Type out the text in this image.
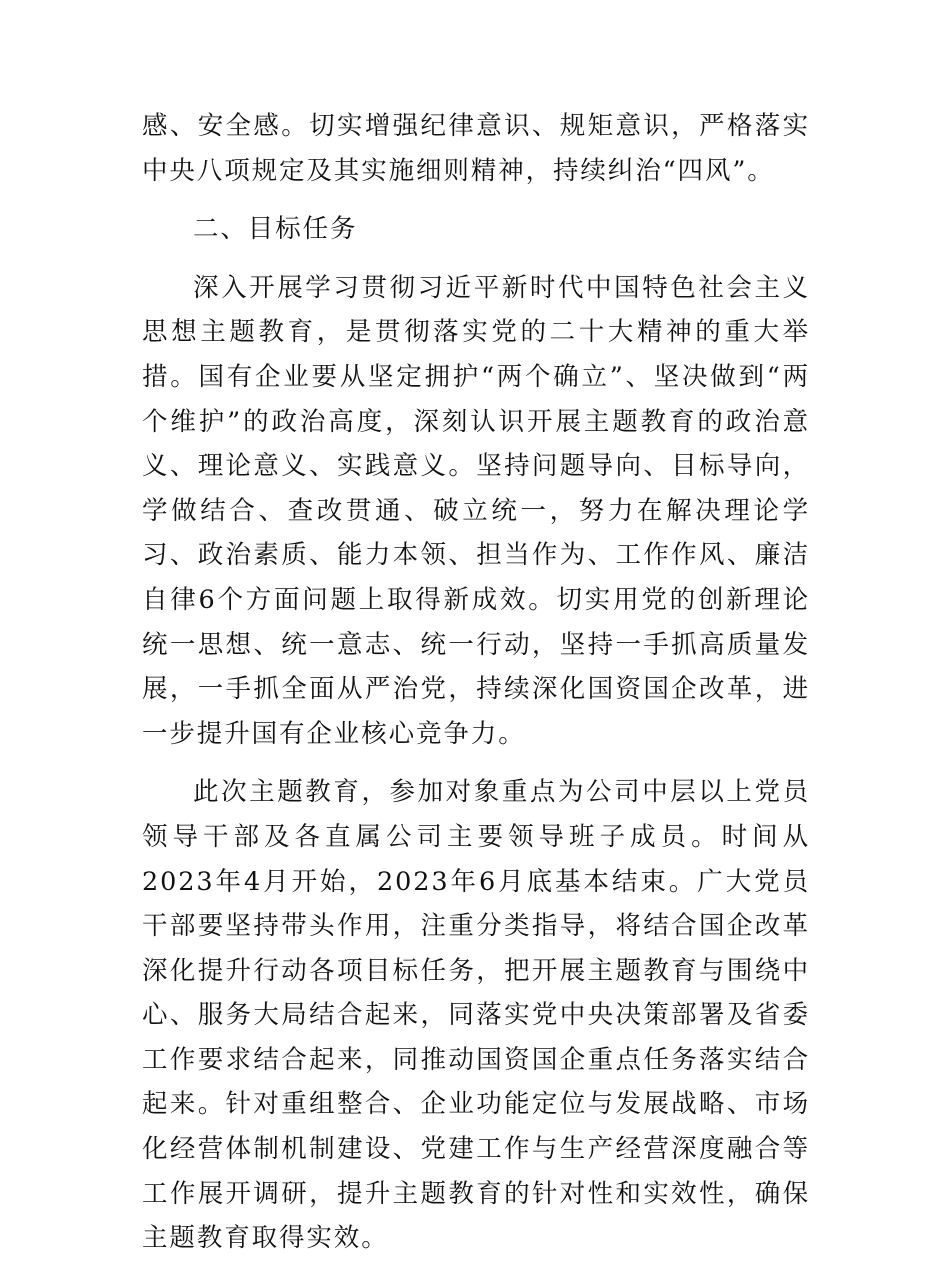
感、安全感。切实增强纪律意识、规矩意识，严格落实中央八项规定及其实施细则精神，持续纠治“四风”。

二、目标任务

深入开展学习贯彻习近平新时代中国特色社会主义思想主题教育，是贯彻落实党的二十大精神的重大举措。国有企业要从坚定拥护“两个确立”、坚决做到“两个维护”的政治高度，深刻认识开展主题教育的政治意义、理论意义、实践意义。坚持问题导向、目标导向，学做结合、查改贯通、破立统一，努力在解决理论学习、政治素质、能力本领、担当作为、工作作风、廉洁自律6个方面问题上取得新成效。切实用党的创新理论统一思想、统一意志、统一行动，坚持一手抓高质量发展，一手抓全面从严治党，持续深化国资国企改革，进一步提升国有企业核心竞争力。

此次主题教育，参加对象重点为公司中层以上党员领导干部及各直属公司主要领导班子成员。时间从2023年4月开始，2023年6月底基本结束。广大党员干部要坚持带头作用，注重分类指导，将结合国企改革深化提升行动各项目标任务，把开展主题教育与围绕中心、服务大局结合起来，同落实党中央决策部署及省委工作要求结合起来，同推动国资国企重点任务落实结合起来。针对重组整合、企业功能定位与发展战略、市场化经营体制机制建设、党建工作与生产经营深度融合等工作展开调研，提升主题教育的针对性和实效性，确保主题教育取得实效。
